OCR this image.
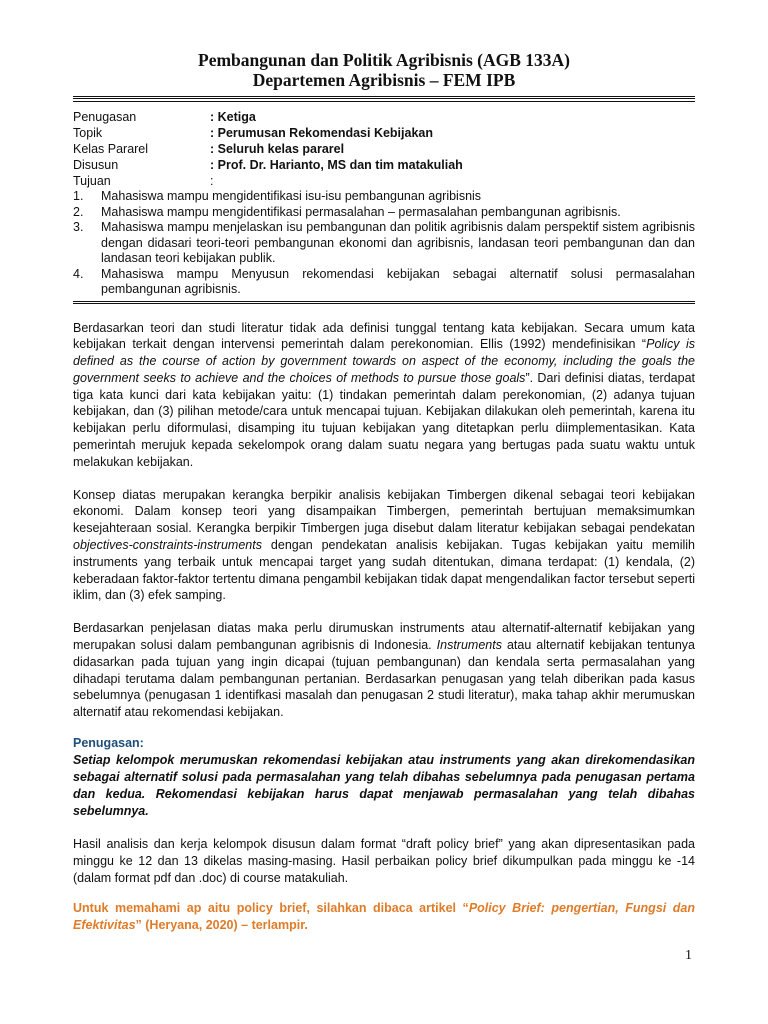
Pembangunan dan Politik Agribisnis (AGB 133A)
Departemen Agribisnis – FEM IPB
Penugasan	: Ketiga
Topik	: Perumusan Rekomendasi Kebijakan
Kelas Pararel	: Seluruh kelas pararel
Disusun	: Prof. Dr. Harianto, MS dan tim matakuliah
Tujuan	:
1.	Mahasiswa mampu mengidentifikasi isu-isu pembangunan agribisnis
2.	Mahasiswa mampu mengidentifikasi permasalahan – permasalahan pembangunan agribisnis.
3.	Mahasiswa mampu menjelaskan isu pembangunan dan politik agribisnis dalam perspektif sistem agribisnis dengan didasari teori-teori pembangunan ekonomi dan agribisnis, landasan teori pembangunan dan dan landasan teori kebijakan publik.
4.	Mahasiswa mampu Menyusun rekomendasi kebijakan sebagai alternatif solusi permasalahan pembangunan agribisnis.

Berdasarkan teori dan studi literatur tidak ada definisi tunggal tentang kata kebijakan. Secara umum kata kebijakan terkait dengan intervensi pemerintah dalam perekonomian. Ellis (1992) mendefinisikan “Policy is defined as the course of action by government towards on aspect of the economy, including the goals the government seeks to achieve and the choices of methods to pursue those goals”. Dari definisi diatas, terdapat tiga kata kunci dari kata kebijakan yaitu: (1) tindakan pemerintah dalam perekonomian, (2) adanya tujuan kebijakan, dan (3) pilihan metode/cara untuk mencapai tujuan. Kebijakan dilakukan oleh pemerintah, karena itu kebijakan perlu diformulasi, disamping itu tujuan kebijakan yang ditetapkan perlu diimplementasikan. Kata pemerintah merujuk kepada sekelompok orang dalam suatu negara yang bertugas pada suatu waktu untuk melakukan kebijakan.

Konsep diatas merupakan kerangka berpikir analisis kebijakan Timbergen dikenal sebagai teori kebijakan ekonomi. Dalam konsep teori yang disampaikan Timbergen, pemerintah bertujuan memaksimumkan kesejahteraan sosial. Kerangka berpikir Timbergen juga disebut dalam literatur kebijakan sebagai pendekatan objectives-constraints-instruments dengan pendekatan analisis kebijakan. Tugas kebijakan yaitu memilih instruments yang terbaik untuk mencapai target yang sudah ditentukan, dimana terdapat: (1) kendala, (2) keberadaan faktor-faktor tertentu dimana pengambil kebijakan tidak dapat mengendalikan factor tersebut seperti iklim, dan (3) efek samping.

Berdasarkan penjelasan diatas maka perlu dirumuskan instruments atau alternatif-alternatif kebijakan yang merupakan solusi dalam pembangunan agribisnis di Indonesia. Instruments atau alternatif kebijakan tentunya didasarkan pada tujuan yang ingin dicapai (tujuan pembangunan) dan kendala serta permasalahan yang dihadapi terutama dalam pembangunan pertanian. Berdasarkan penugasan yang telah diberikan pada kasus sebelumnya (penugasan 1 identifkasi masalah dan penugasan 2 studi literatur), maka tahap akhir merumuskan alternatif atau rekomendasi kebijakan.

Penugasan:

Setiap kelompok merumuskan rekomendasi kebijakan atau instruments yang akan direkomendasikan sebagai alternatif solusi pada permasalahan yang telah dibahas sebelumnya pada penugasan pertama dan kedua. Rekomendasi kebijakan harus dapat menjawab permasalahan yang telah dibahas sebelumnya.

Hasil analisis dan kerja kelompok disusun dalam format “draft policy brief” yang akan dipresentasikan pada minggu ke 12 dan 13 dikelas masing-masing. Hasil perbaikan policy brief dikumpulkan pada minggu ke -14 (dalam format pdf dan .doc) di course matakuliah.

Untuk memahami ap aitu policy brief, silahkan dibaca artikel “Policy Brief: pengertian, Fungsi dan Efektivitas” (Heryana, 2020) – terlampir.

1
